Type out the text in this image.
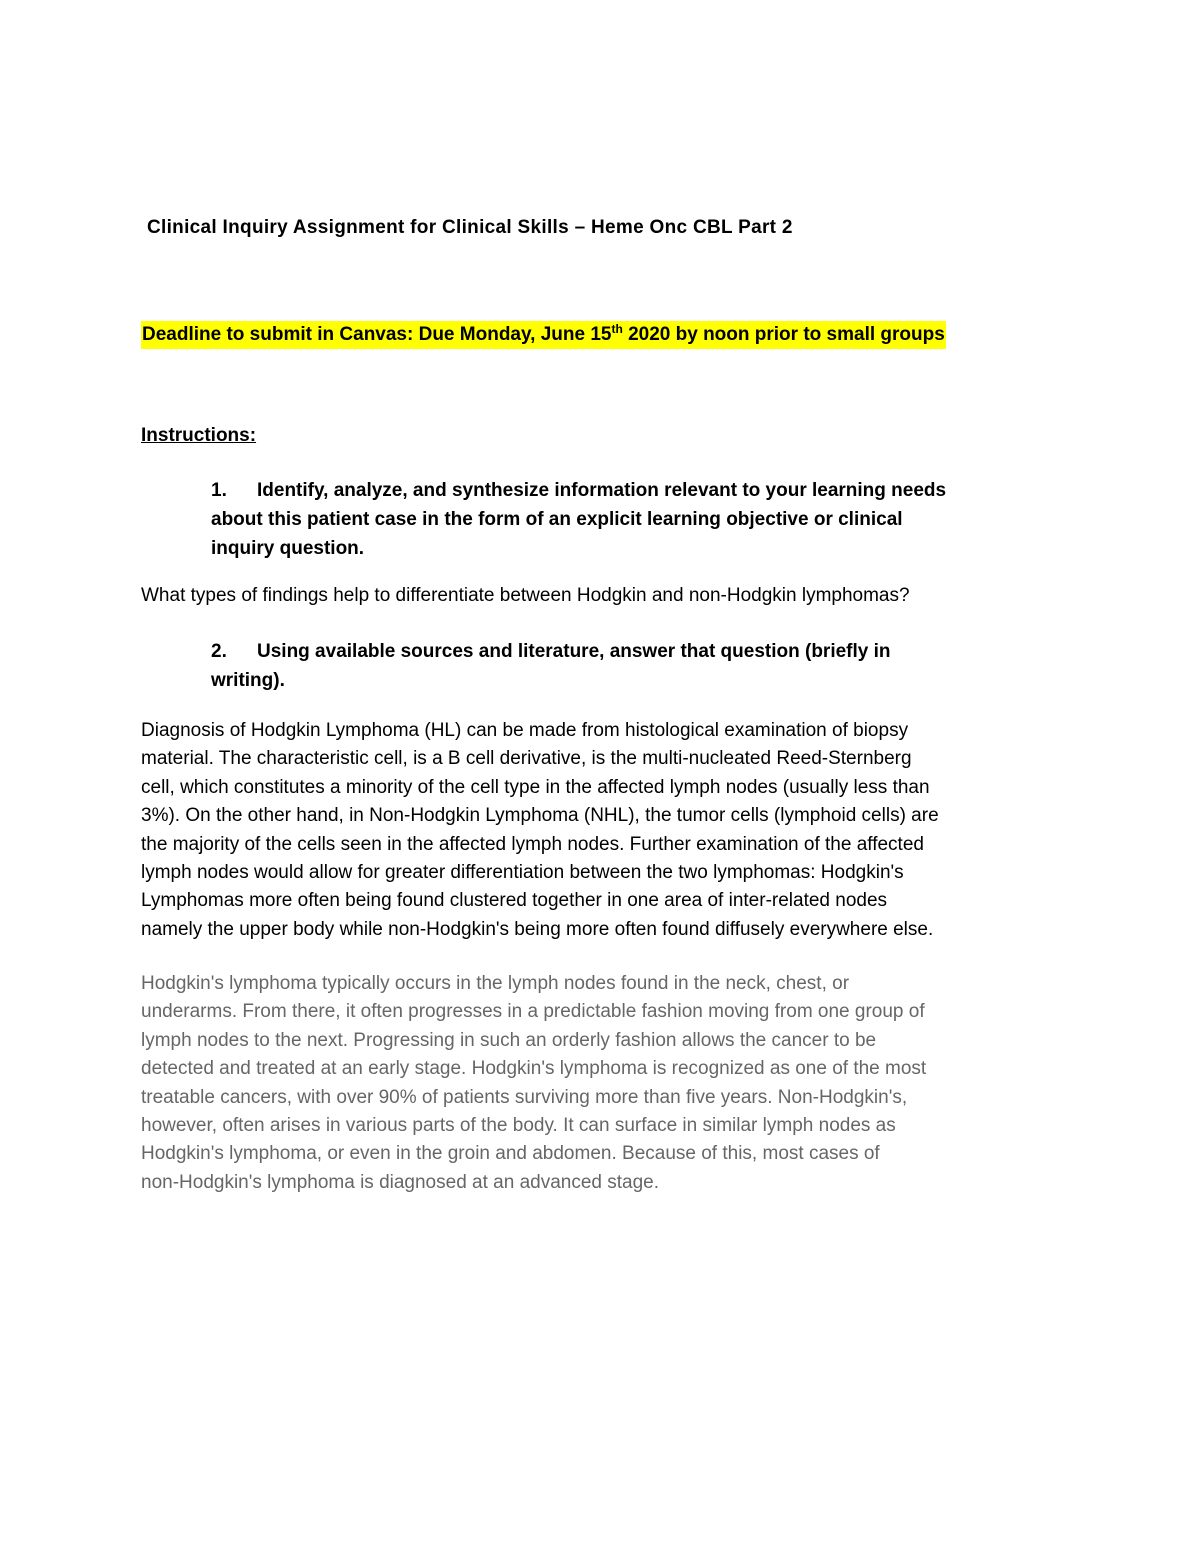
Clinical Inquiry Assignment for Clinical Skills – Heme Onc CBL Part 2
Deadline to submit in Canvas: Due Monday, June 15th 2020 by noon prior to small groups
Instructions:
1.	Identify, analyze, and synthesize information relevant to your learning needs
about this patient case in the form of an explicit learning objective or clinical
inquiry question.
What types of findings help to differentiate between Hodgkin and non-Hodgkin lymphomas?
2.	Using available sources and literature, answer that question (briefly in
writing).
Diagnosis of Hodgkin Lymphoma (HL) can be made from histological examination of biopsy
material. The characteristic cell, is a B cell derivative, is the multi-nucleated Reed-Sternberg
cell, which constitutes a minority of the cell type in the affected lymph nodes (usually less than
3%). On the other hand, in Non-Hodgkin Lymphoma (NHL), the tumor cells (lymphoid cells) are
the majority of the cells seen in the affected lymph nodes. Further examination of the affected
lymph nodes would allow for greater differentiation between the two lymphomas: Hodgkin's
Lymphomas more often being found clustered together in one area of inter-related nodes
namely the upper body while non-Hodgkin's being more often found diffusely everywhere else.
Hodgkin's lymphoma typically occurs in the lymph nodes found in the neck, chest, or
underarms. From there, it often progresses in a predictable fashion moving from one group of
lymph nodes to the next. Progressing in such an orderly fashion allows the cancer to be
detected and treated at an early stage. Hodgkin's lymphoma is recognized as one of the most
treatable cancers, with over 90% of patients surviving more than five years. Non-Hodgkin's,
however, often arises in various parts of the body. It can surface in similar lymph nodes as
Hodgkin's lymphoma, or even in the groin and abdomen. Because of this, most cases of
non-Hodgkin's lymphoma is diagnosed at an advanced stage.
